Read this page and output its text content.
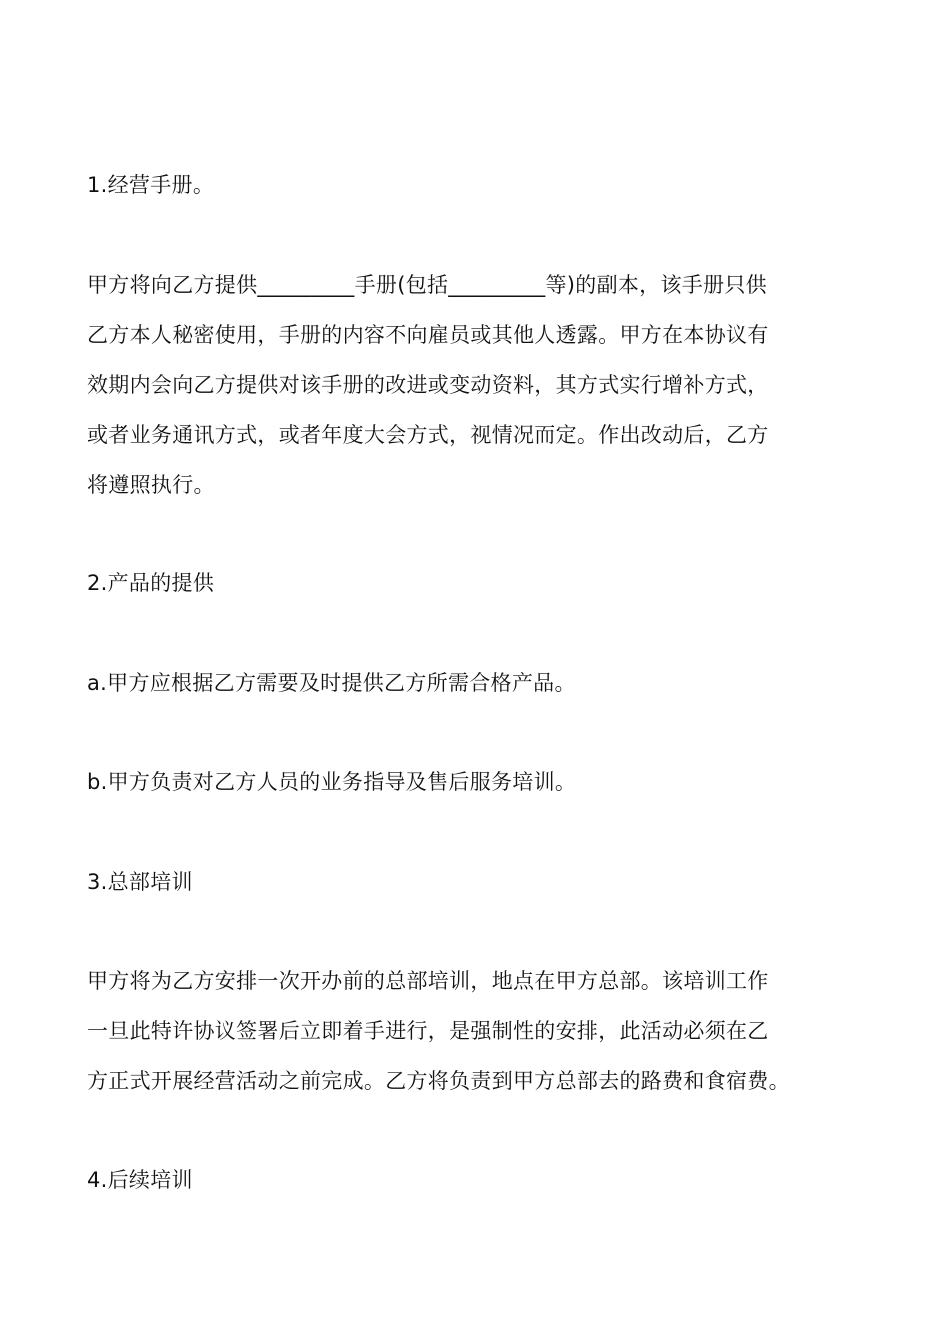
1.经营手册。
甲方将向乙方提供_________手册(包括_________等)的副本，该手册只供
乙方本人秘密使用，手册的内容不向雇员或其他人透露。甲方在本协议有
效期内会向乙方提供对该手册的改进或变动资料，其方式实行增补方式，
或者业务通讯方式，或者年度大会方式，视情况而定。作出改动后，乙方
将遵照执行。
2.产品的提供
a.甲方应根据乙方需要及时提供乙方所需合格产品。
b.甲方负责对乙方人员的业务指导及售后服务培训。
3.总部培训
甲方将为乙方安排一次开办前的总部培训，地点在甲方总部。该培训工作
一旦此特许协议签署后立即着手进行，是强制性的安排，此活动必须在乙
方正式开展经营活动之前完成。乙方将负责到甲方总部去的路费和食宿费。
4.后续培训
